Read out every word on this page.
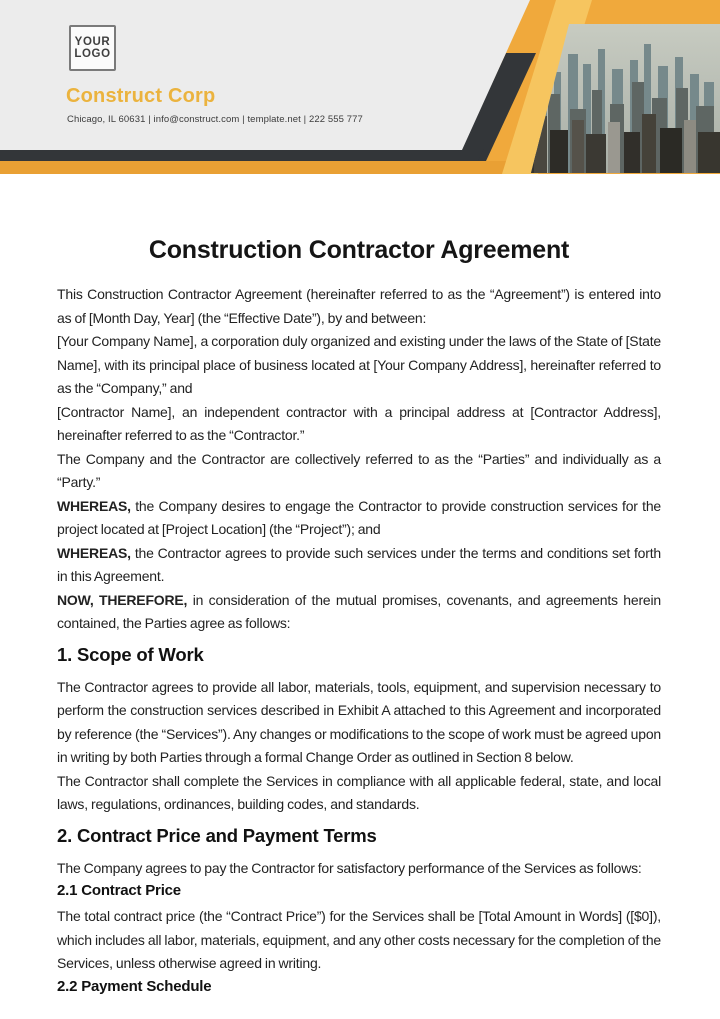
YOUR
LOGO
Construct Corp
Chicago, IL 60631 | info@construct.com | template.net | 222 555 777
Construction Contractor Agreement

This Construction Contractor Agreement (hereinafter referred to as the “Agreement”) is entered into as of [Month Day, Year] (the “Effective Date”), by and between:

[Your Company Name], a corporation duly organized and existing under the laws of the State of [State Name], with its principal place of business located at [Your Company Address], hereinafter referred to as the “Company,” and

[Contractor Name], an independent contractor with a principal address at [Contractor Address], hereinafter referred to as the “Contractor.”

The Company and the Contractor are collectively referred to as the “Parties” and individually as a “Party.”

WHEREAS, the Company desires to engage the Contractor to provide construction services for the project located at [Project Location] (the “Project”); and

WHEREAS, the Contractor agrees to provide such services under the terms and conditions set forth in this Agreement.

NOW, THEREFORE, in consideration of the mutual promises, covenants, and agreements herein contained, the Parties agree as follows:

1. Scope of Work

The Contractor agrees to provide all labor, materials, tools, equipment, and supervision necessary to perform the construction services described in Exhibit A attached to this Agreement and incorporated by reference (the “Services”). Any changes or modifications to the scope of work must be agreed upon in writing by both Parties through a formal Change Order as outlined in Section 8 below.

The Contractor shall complete the Services in compliance with all applicable federal, state, and local laws, regulations, ordinances, building codes, and standards.

2. Contract Price and Payment Terms

The Company agrees to pay the Contractor for satisfactory performance of the Services as follows:

2.1 Contract Price

The total contract price (the “Contract Price”) for the Services shall be [Total Amount in Words] ([$0]), which includes all labor, materials, equipment, and any other costs necessary for the completion of the Services, unless otherwise agreed in writing.

2.2 Payment Schedule
